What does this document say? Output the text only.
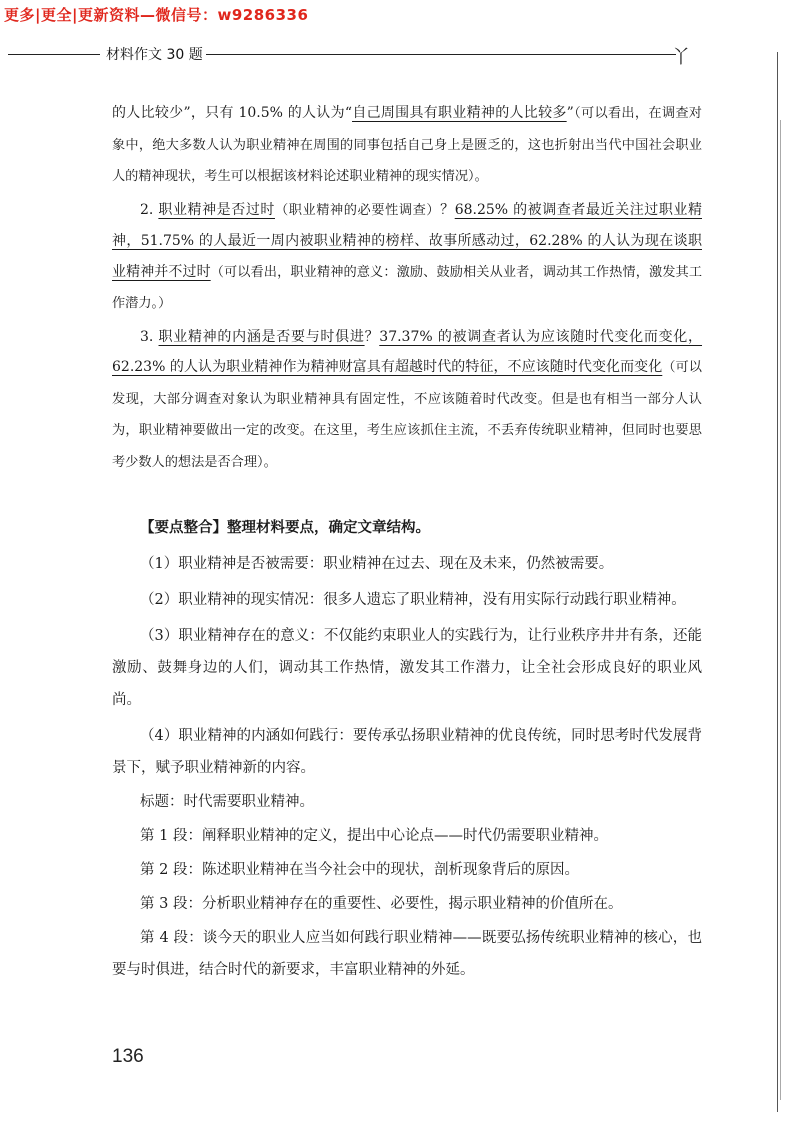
更多|更全|更新资料—微信号：w9286336
材料作文 30 题	丫

的人比较少”，只有 10.5% 的人认为“自己周围具有职业精神的人比较多”（可以看出，在调查对象中，绝大多数人认为职业精神在周围的同事包括自己身上是匮乏的，这也折射出当代中国社会职业人的精神现状，考生可以根据该材料论述职业精神的现实情况）。

2. 职业精神是否过时（职业精神的必要性调查）？68.25% 的被调查者最近关注过职业精神，51.75% 的人最近一周内被职业精神的榜样、故事所感动过，62.28% 的人认为现在谈职业精神并不过时（可以看出，职业精神的意义：激励、鼓励相关从业者，调动其工作热情，激发其工作潜力。）

3. 职业精神的内涵是否要与时俱进？37.37% 的被调查者认为应该随时代变化而变化，62.23% 的人认为职业精神作为精神财富具有超越时代的特征，不应该随时代变化而变化（可以发现，大部分调查对象认为职业精神具有固定性，不应该随着时代改变。但是也有相当一部分人认为，职业精神要做出一定的改变。在这里，考生应该抓住主流，不丢弃传统职业精神，但同时也要思考少数人的想法是否合理）。

【要点整合】整理材料要点，确定文章结构。

（1）职业精神是否被需要：职业精神在过去、现在及未来，仍然被需要。

（2）职业精神的现实情况：很多人遗忘了职业精神，没有用实际行动践行职业精神。

（3）职业精神存在的意义：不仅能约束职业人的实践行为，让行业秩序井井有条，还能激励、鼓舞身边的人们，调动其工作热情，激发其工作潜力，让全社会形成良好的职业风尚。

（4）职业精神的内涵如何践行：要传承弘扬职业精神的优良传统，同时思考时代发展背景下，赋予职业精神新的内容。

标题：时代需要职业精神。

第 1 段：阐释职业精神的定义，提出中心论点——时代仍需要职业精神。

第 2 段：陈述职业精神在当今社会中的现状，剖析现象背后的原因。

第 3 段：分析职业精神存在的重要性、必要性，揭示职业精神的价值所在。

第 4 段：谈今天的职业人应当如何践行职业精神——既要弘扬传统职业精神的核心，也要与时俱进，结合时代的新要求，丰富职业精神的外延。

136
